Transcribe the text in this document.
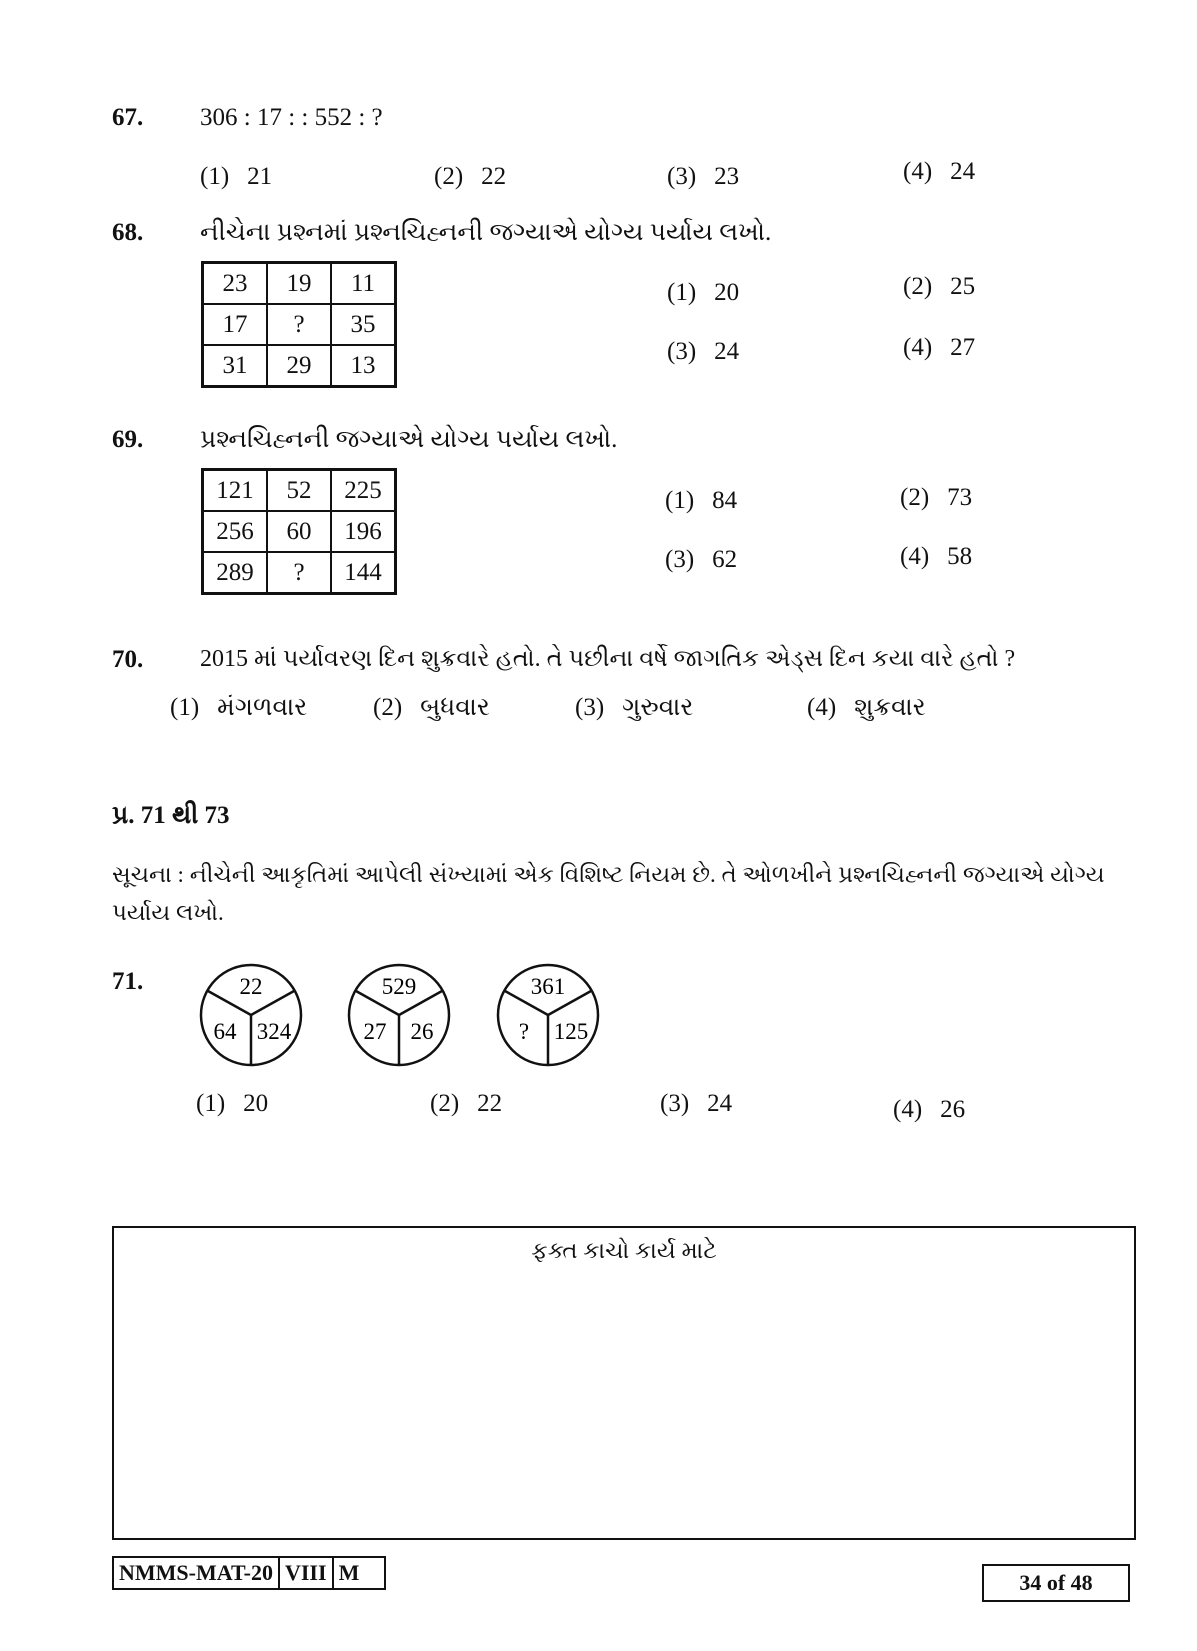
67. 306 : 17 : : 552 : ?
(1) 21	(2) 22	(3) 23	(4) 24
68. નીચેના પ્રશ્નમાં પ્રશ્નચિહ્નની જગ્યાએ યોગ્ય પર્યાય લખો.
23	19	11
17	?	35
31	29	13
(1) 20	(2) 25
(3) 24	(4) 27
69. પ્રશ્નચિહ્નની જગ્યાએ યોગ્ય પર્યાય લખો.
121	52	225
256	60	196
289	?	144
(1) 84	(2) 73
(3) 62	(4) 58
70. 2015 માં પર્યાવરણ દિન શુક્રવારે હતો. તે પછીના વર્ષે જાગતિક એડ્સ દિન કયા વારે હતો ?
(1) મંગળવાર	(2) બુધવાર	(3) ગુરુવાર	(4) શુક્રવાર
પ્ર. 71 થી 73
સૂચના : નીચેની આકૃતિમાં આપેલી સંખ્યામાં એક વિશિષ્ટ નિયમ છે. તે ઓળખીને પ્રશ્નચિહ્નની જગ્યાએ યોગ્ય
પર્યાય લખો.
71.	22
64 324
529
27 26
361
? 125
(1) 20	(2) 22	(3) 24	(4) 26
ફક્ત કાચો કાર્ય માટે
NMMS-MAT-20 VIII M	34 of 48
